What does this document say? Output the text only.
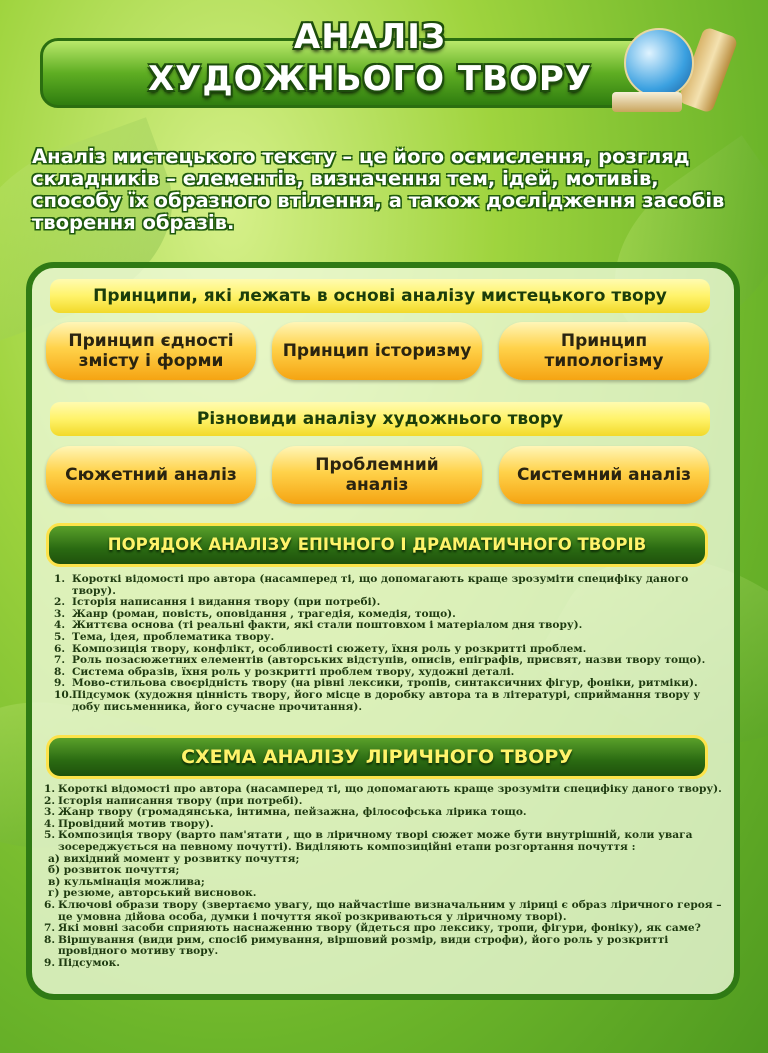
АНАЛІЗ
ХУДОЖНЬОГО ТВОРУ
Аналіз мистецького тексту – це його осмислення, розгляд складників – елементів, визначення тем, ідей, мотивів, способу їх образного втілення, а також дослідження засобів творення образів.
Принципи, які лежать в основі аналізу мистецького твору
Принцип єдності змісту і форми	Принцип історизму	Принцип типологізму
Різновиди аналізу художнього твору
Сюжетний аналіз	Проблемний аналіз	Системний аналіз
ПОРЯДОК АНАЛІЗУ ЕПІЧНОГО І ДРАМАТИЧНОГО ТВОРІВ
1. Короткі відомості про автора (насамперед ті, що допомагають краще зрозуміти специфіку даного твору).
2. Історія написання і видання твору (при потребі).
3. Жанр (роман, повість, оповідання , трагедія, комедія, тощо).
4. Життєва основа (ті реальні факти, які стали поштовхом і матеріалом дня твору).
5. Тема, ідея, проблематика твору.
6. Композиція твору, конфлікт, особливості сюжету, їхня роль у розкритті проблем.
7. Роль позасюжетних елементів (авторських відступів, описів, епіграфів, присвят, назви твору тощо).
8. Система образів, їхня роль у розкритті проблем твору, художні деталі.
9. Мово-стильова своєрідність твору (на рівні лексики, тропів, синтаксичних фігур, фоніки, ритміки).
10. Підсумок (художня цінність твору, його місце в доробку автора та в літературі, сприймання твору у добу письменника, його сучасне прочитання).
СХЕМА АНАЛІЗУ ЛІРИЧНОГО ТВОРУ
1. Короткі відомості про автора (насамперед ті, що допомагають краще зрозуміти специфіку даного твору).
2. Історія написання твору (при потребі).
3. Жанр твору (громадянська, інтимна, пейзажна, філософська лірика тощо.
4. Провідний мотив твору).
5. Композиція твору (варто пам'ятати , що в ліричному творі сюжет може бути внутрішній, коли увага зосереджується на певному почутті). Виділяють композиційні етапи розгортання почуття :
а) вихідний момент у розвитку почуття;
б) розвиток почуття;
в) кульмінація можлива;
г) резюме, авторський висновок.
6. Ключові образи твору (звертаємо увагу, що найчастіше визначальним у ліриці є образ ліричного героя – це умовна дійова особа, думки і почуття якої розкриваються у ліричному творі).
7. Які мовні засоби сприяють наснаженню твору (йдеться про лексику, тропи, фігури, фоніку), як саме?
8. Віршування (види рим, спосіб римування, віршовий розмір, види строфи), його роль у розкритті провідного мотиву твору.
9. Підсумок.
